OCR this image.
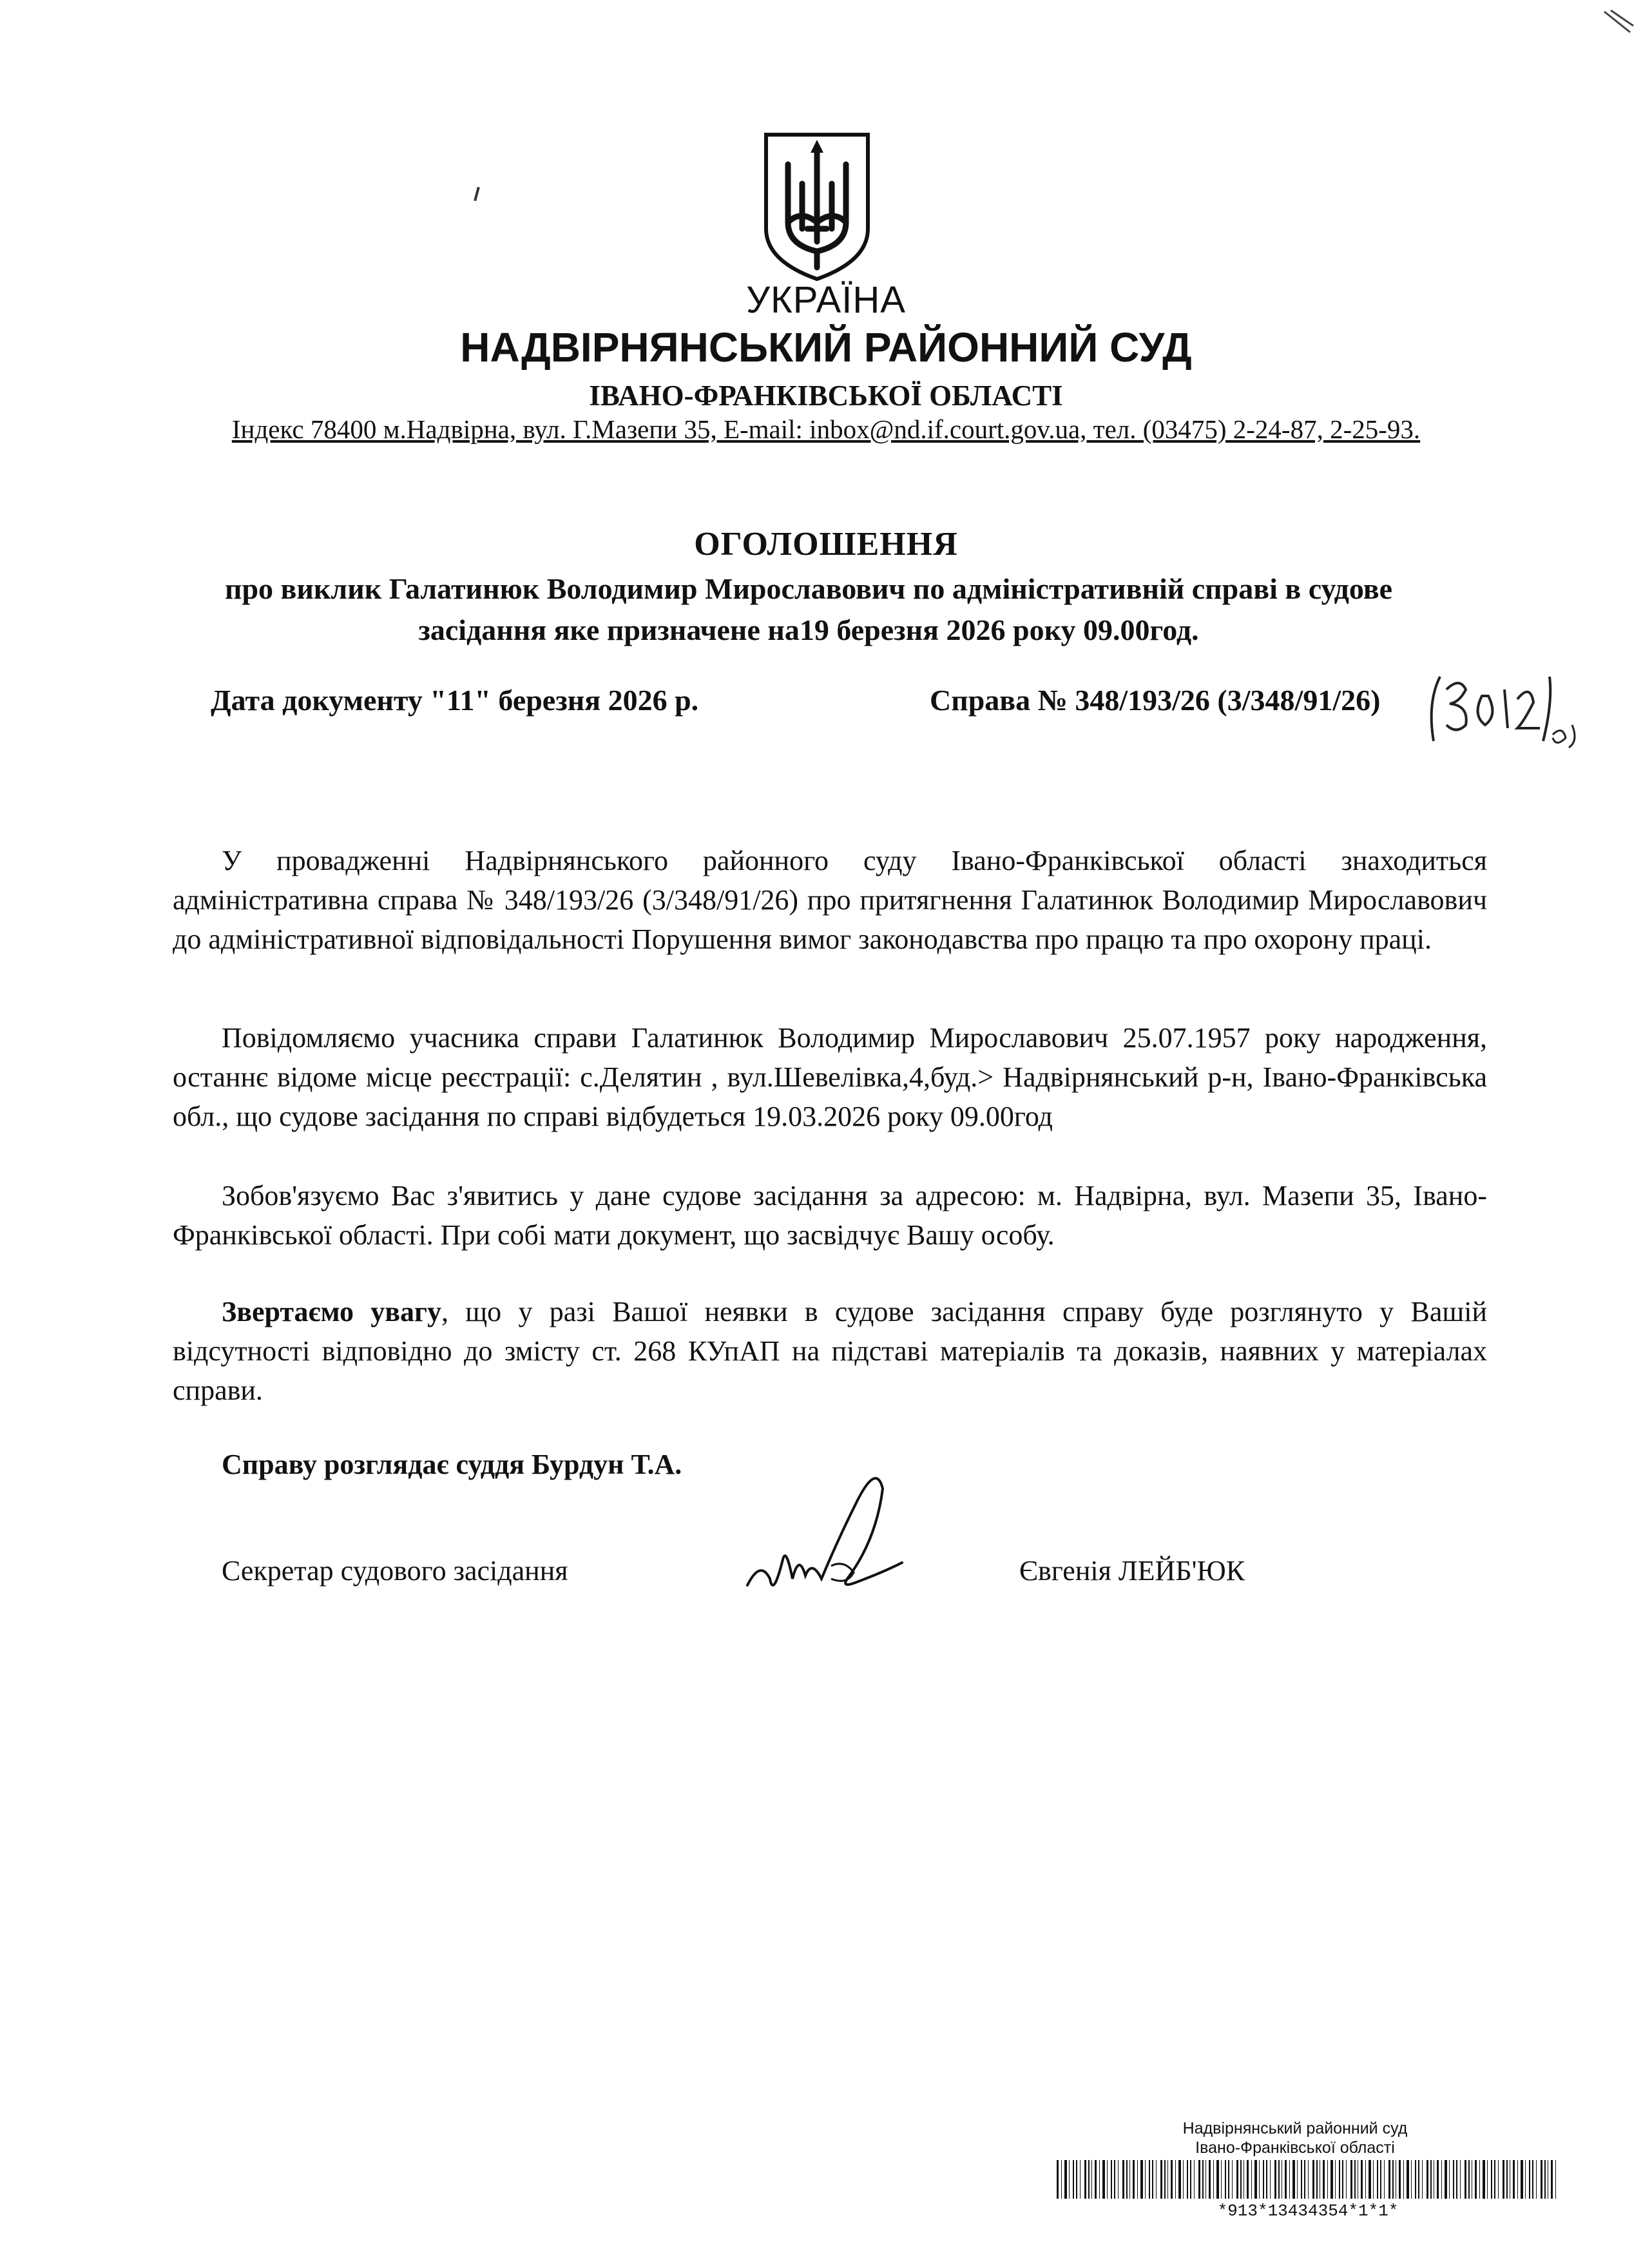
УКРАЇНА
НАДВІРНЯНСЬКИЙ РАЙОННИЙ СУД
ІВАНО-ФРАНКІВСЬКОЇ ОБЛАСТІ
Індекс 78400 м.Надвірна, вул. Г.Мазепи 35, E-mail: inbox@nd.if.court.gov.ua, тел. (03475) 2-24-87, 2-25-93.
ОГОЛОШЕННЯ
про виклик Галатинюк Володимир Мирославович по адміністративній справі в судове
засідання яке призначене на19 березня 2026 року 09.00год.
Дата документу "11" березня 2026 р.	Справа № 348/193/26 (3/348/91/26)
У провадженні Надвірнянського районного суду Івано-Франківської області знаходиться адміністративна справа № 348/193/26 (3/348/91/26) про притягнення Галатинюк Володимир Мирославович до адміністративної відповідальності Порушення вимог законодавства про працю та про охорону праці.
Повідомляємо учасника справи Галатинюк Володимир Мирославович 25.07.1957 року народження, останнє відоме місце реєстрації: с.Делятин , вул.Шевелівка,4,буд.> Надвірнянський р-н, Івано-Франківська обл., що судове засідання по справі відбудеться 19.03.2026 року 09.00год
Зобов'язуємо Вас з'явитись у дане судове засідання за адресою: м. Надвірна, вул. Мазепи 35, Івано-Франківської області. При собі мати документ, що засвідчує Вашу особу.
Звертаємо увагу, що у разі Вашої неявки в судове засідання справу буде розглянуто у Вашій відсутності відповідно до змісту ст. 268 КУпАП на підставі матеріалів та доказів, наявних у матеріалах справи.
Справу розглядає суддя Бурдун Т.А.
Секретар судового засідання	Євгенія ЛЕЙБ'ЮК
Надвірнянський районний суд
Івано-Франківської області
*913*13434354*1*1*
